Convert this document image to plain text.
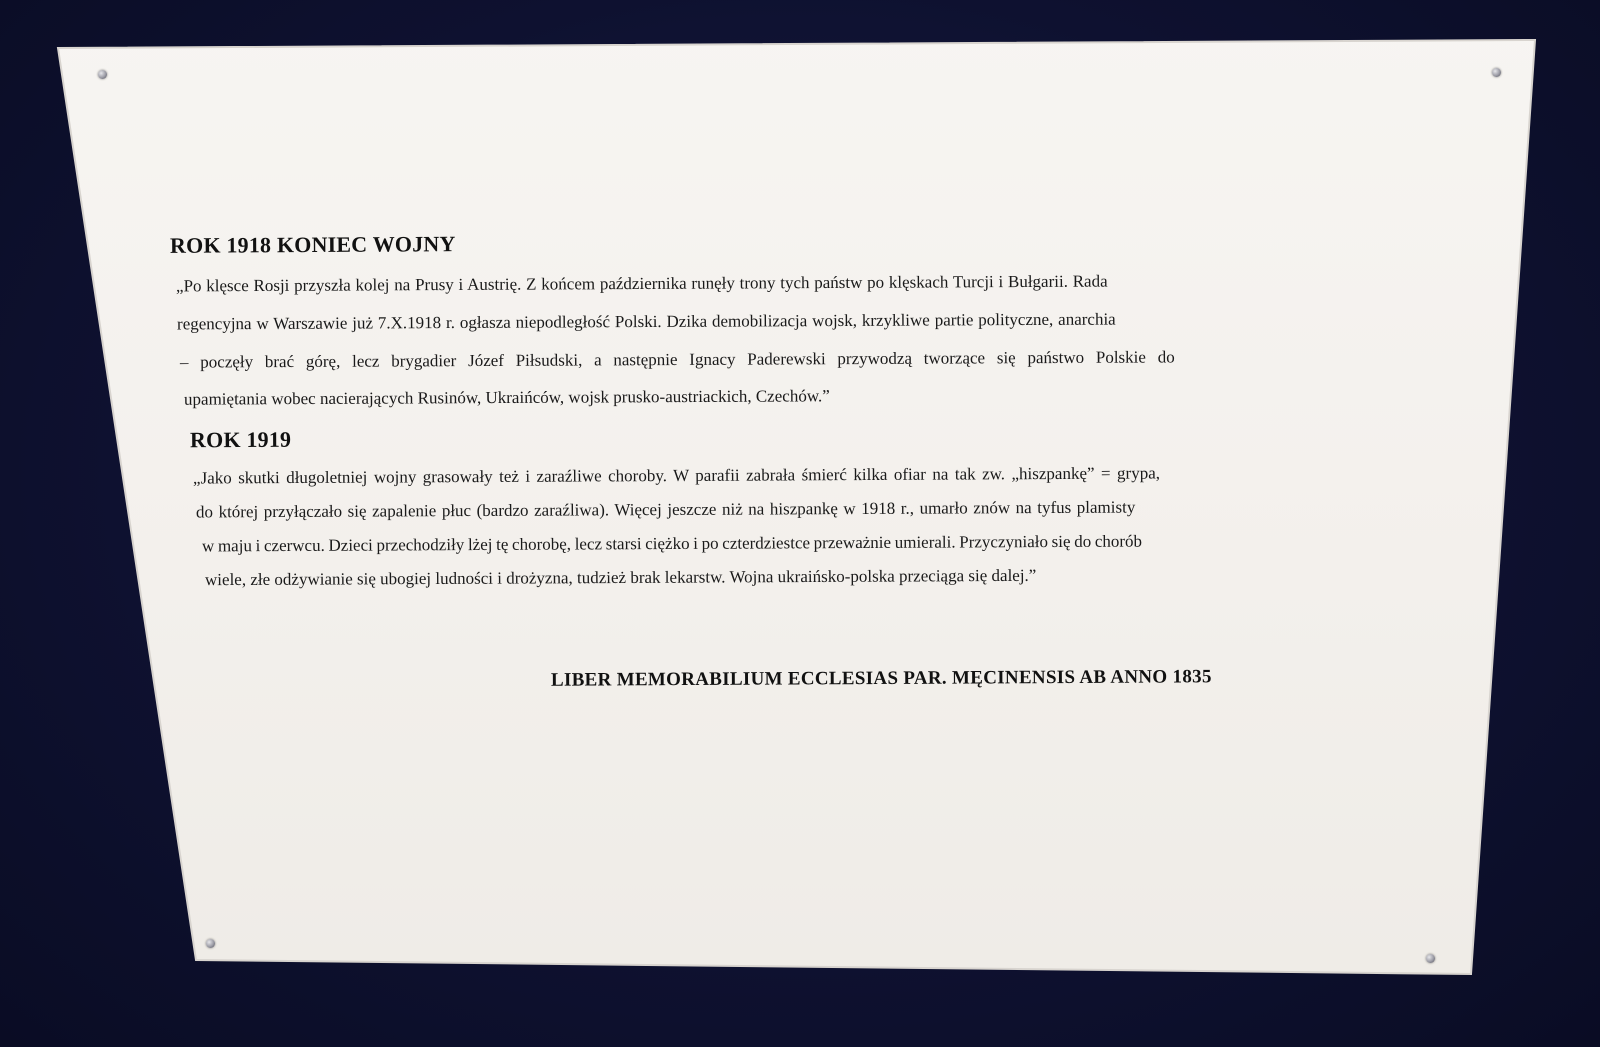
ROK 1918 KONIEC WOJNY
„Po klęsce Rosji przyszła kolej na Prusy i Austrię. Z końcem października runęły trony tych państw po klęskach Turcji i Bułgarii. Rada
regencyjna w Warszawie już 7.X.1918 r. ogłasza niepodległość Polski. Dzika demobilizacja wojsk, krzykliwe partie polityczne, anarchia
– poczęły brać górę, lecz brygadier Józef Piłsudski, a następnie Ignacy Paderewski przywodzą tworzące się państwo Polskie do
upamiętania wobec nacierających Rusinów, Ukraińców, wojsk prusko-austriackich, Czechów.”
ROK 1919
„Jako skutki długoletniej wojny grasowały też i zaraźliwe choroby. W parafii zabrała śmierć kilka ofiar na tak zw. „hiszpankę” = grypa,
do której przyłączało się zapalenie płuc (bardzo zaraźliwa). Więcej jeszcze niż na hiszpankę w 1918 r., umarło znów na tyfus plamisty
w maju i czerwcu. Dzieci przechodziły lżej tę chorobę, lecz starsi ciężko i po czterdziestce przeważnie umierali. Przyczyniało się do chorób
wiele, złe odżywianie się ubogiej ludności i drożyzna, tudzież brak lekarstw. Wojna ukraińsko-polska przeciąga się dalej.”
LIBER MEMORABILIUM ECCLESIAS PAR. MĘCINENSIS AB ANNO 1835
